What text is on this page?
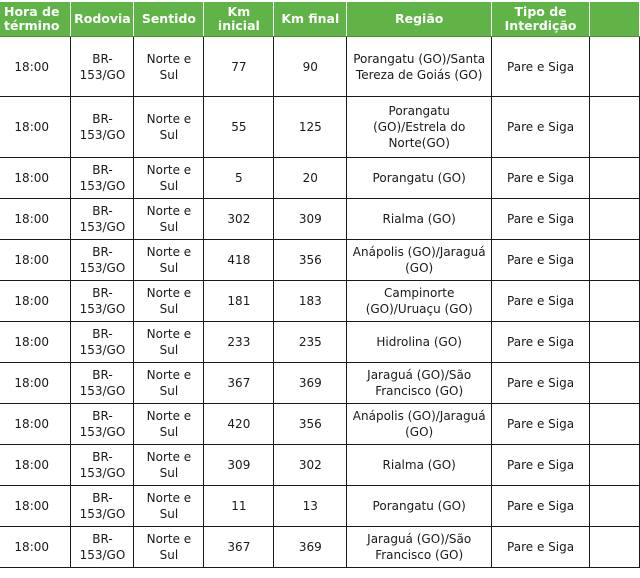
Hora de término	Rodovia	Sentido	Km inicial	Km final	Região	Tipo de Interdição	
18:00	BR-153/GO	Norte e Sul	77	90	Porangatu (GO)/Santa Tereza de Goiás (GO)	Pare e Siga	
18:00	BR-153/GO	Norte e Sul	55	125	Porangatu (GO)/Estrela do Norte(GO)	Pare e Siga	
18:00	BR-153/GO	Norte e Sul	5	20	Porangatu (GO)	Pare e Siga	
18:00	BR-153/GO	Norte e Sul	302	309	Rialma (GO)	Pare e Siga	
18:00	BR-153/GO	Norte e Sul	418	356	Anápolis (GO)/Jaraguá (GO)	Pare e Siga	
18:00	BR-153/GO	Norte e Sul	181	183	Campinorte (GO)/Uruaçu (GO)	Pare e Siga	
18:00	BR-153/GO	Norte e Sul	233	235	Hidrolina (GO)	Pare e Siga	
18:00	BR-153/GO	Norte e Sul	367	369	Jaraguá (GO)/São Francisco (GO)	Pare e Siga	
18:00	BR-153/GO	Norte e Sul	420	356	Anápolis (GO)/Jaraguá (GO)	Pare e Siga	
18:00	BR-153/GO	Norte e Sul	309	302	Rialma (GO)	Pare e Siga	
18:00	BR-153/GO	Norte e Sul	11	13	Porangatu (GO)	Pare e Siga	
18:00	BR-153/GO	Norte e Sul	367	369	Jaraguá (GO)/São Francisco (GO)	Pare e Siga	
